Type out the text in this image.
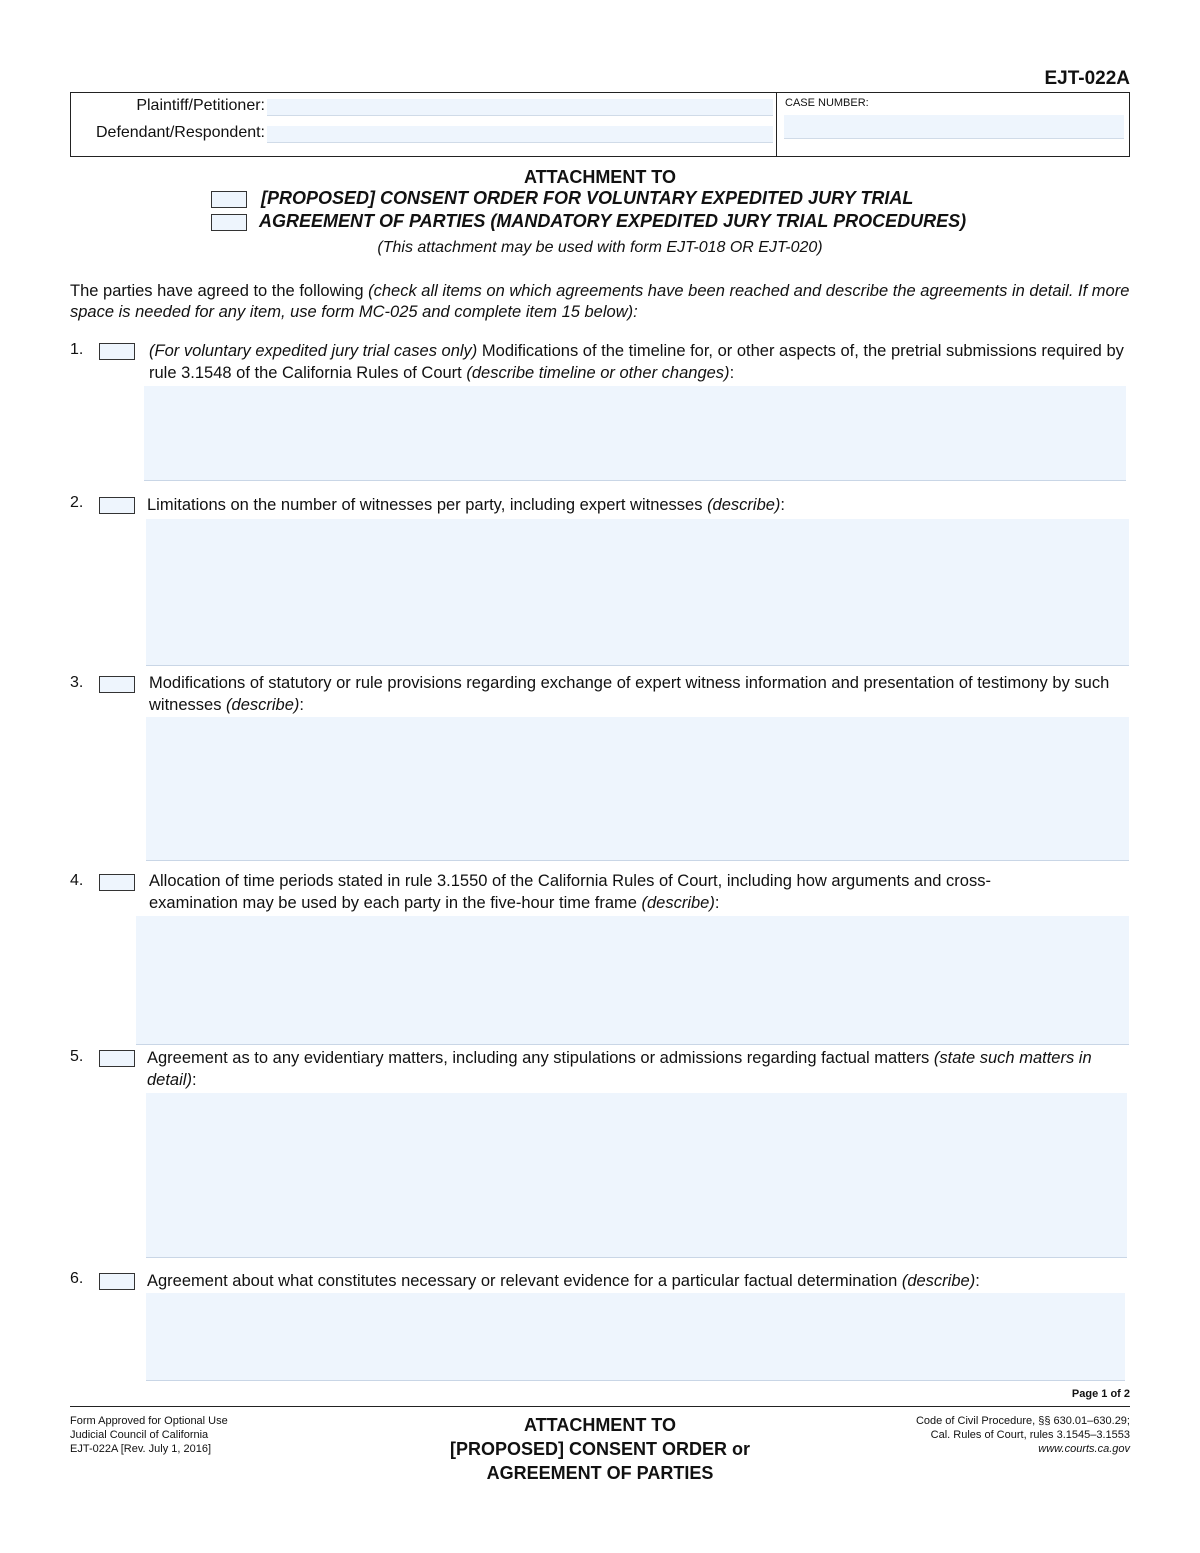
EJT-022A
Plaintiff/Petitioner:
Defendant/Respondent:
CASE NUMBER:
ATTACHMENT TO
[PROPOSED] CONSENT ORDER FOR VOLUNTARY EXPEDITED JURY TRIAL
AGREEMENT OF PARTIES (MANDATORY EXPEDITED JURY TRIAL PROCEDURES)
(This attachment may be used with form EJT-018 OR EJT-020)
The parties have agreed to the following (check all items on which agreements have been reached and describe the agreements in detail. If more space is needed for any item, use form MC-025 and complete item 15 below):
1.	(For voluntary expedited jury trial cases only) Modifications of the timeline for, or other aspects of, the pretrial submissions required by rule 3.1548 of the California Rules of Court (describe timeline or other changes):
2.	Limitations on the number of witnesses per party, including expert witnesses (describe):
3.	Modifications of statutory or rule provisions regarding exchange of expert witness information and presentation of testimony by such witnesses (describe):
4.	Allocation of time periods stated in rule 3.1550 of the California Rules of Court, including how arguments and cross-examination may be used by each party in the five-hour time frame (describe):
5.	Agreement as to any evidentiary matters, including any stipulations or admissions regarding factual matters (state such matters in detail):
6.	Agreement about what constitutes necessary or relevant evidence for a particular factual determination (describe):
Page 1 of 2
Form Approved for Optional Use
Judicial Council of California
EJT-022A [Rev. July 1, 2016]
ATTACHMENT TO
[PROPOSED] CONSENT ORDER or
AGREEMENT OF PARTIES
Code of Civil Procedure, §§ 630.01–630.29;
Cal. Rules of Court, rules 3.1545–3.1553
www.courts.ca.gov
